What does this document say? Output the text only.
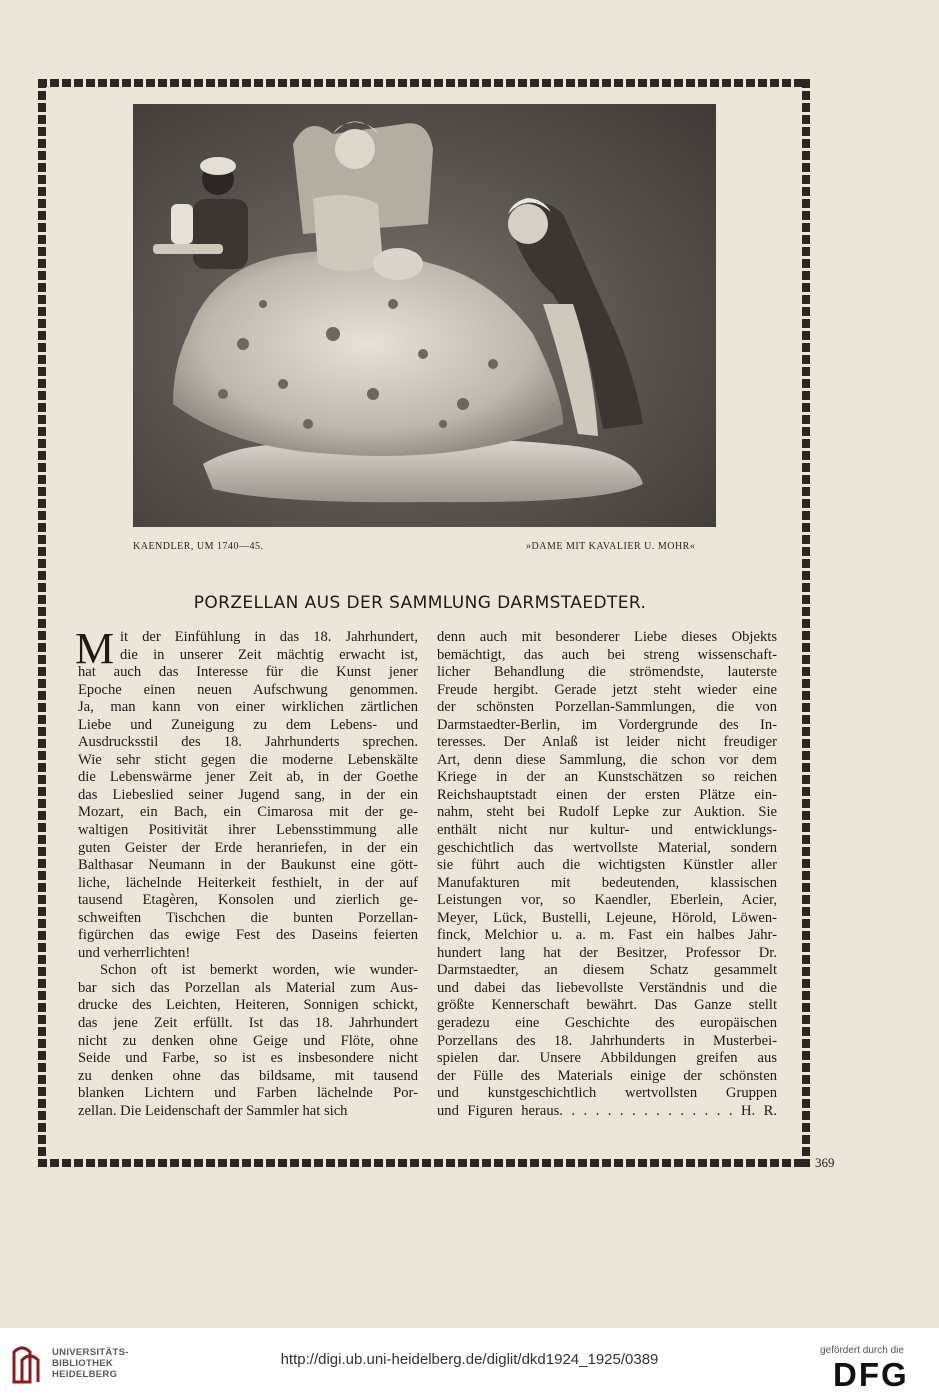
KAENDLER, UM 1740—45.	»DAME MIT KAVALIER U. MOHR«
PORZELLAN AUS DER SAMMLUNG DARMSTAEDTER.
M it der Einfühlung in das 18. Jahrhundert,
die in unserer Zeit mächtig erwacht ist,
hat auch das Interesse für die Kunst jener
Epoche einen neuen Aufschwung genommen.
Ja, man kann von einer wirklichen zärtlichen
Liebe und Zuneigung zu dem Lebens- und
Ausdrucksstil des 18. Jahrhunderts sprechen.
Wie sehr sticht gegen die moderne Lebenskälte
die Lebenswärme jener Zeit ab, in der Goethe
das Liebeslied seiner Jugend sang, in der ein
Mozart, ein Bach, ein Cimarosa mit der ge-
waltigen Positivität ihrer Lebensstimmung alle
guten Geister der Erde heranriefen, in der ein
Balthasar Neumann in der Baukunst eine gött-
liche, lächelnde Heiterkeit festhielt, in der auf
tausend Etagèren, Konsolen und zierlich ge-
schweiften Tischchen die bunten Porzellan-
figürchen das ewige Fest des Daseins feierten
und verherrlichten!
Schon oft ist bemerkt worden, wie wunder-
bar sich das Porzellan als Material zum Aus-
drucke des Leichten, Heiteren, Sonnigen schickt,
das jene Zeit erfüllt. Ist das 18. Jahrhundert
nicht zu denken ohne Geige und Flöte, ohne
Seide und Farbe, so ist es insbesondere nicht
zu denken ohne das bildsame, mit tausend
blanken Lichtern und Farben lächelnde Por-
zellan. Die Leidenschaft der Sammler hat sich
denn auch mit besonderer Liebe dieses Objekts
bemächtigt, das auch bei streng wissenschaft-
licher Behandlung die strömendste, lauterste
Freude hergibt. Gerade jetzt steht wieder eine
der schönsten Porzellan-Sammlungen, die von
Darmstaedter-Berlin, im Vordergrunde des In-
teresses. Der Anlaß ist leider nicht freudiger
Art, denn diese Sammlung, die schon vor dem
Kriege in der an Kunstschätzen so reichen
Reichshauptstadt einen der ersten Plätze ein-
nahm, steht bei Rudolf Lepke zur Auktion. Sie
enthält nicht nur kultur- und entwicklungs-
geschichtlich das wertvollste Material, sondern
sie führt auch die wichtigsten Künstler aller
Manufakturen mit bedeutenden, klassischen
Leistungen vor, so Kaendler, Eberlein, Acier,
Meyer, Lück, Bustelli, Lejeune, Hörold, Löwen-
finck, Melchior u. a. m. Fast ein halbes Jahr-
hundert lang hat der Besitzer, Professor Dr.
Darmstaedter, an diesem Schatz gesammelt
und dabei das liebevollste Verständnis und die
größte Kennerschaft bewährt. Das Ganze stellt
geradezu eine Geschichte des europäischen
Porzellans des 18. Jahrhunderts in Musterbei-
spielen dar. Unsere Abbildungen greifen aus
der Fülle des Materials einige der schönsten
und kunstgeschichtlich wertvollsten Gruppen
und Figuren heraus. . . . . . . . . . . . . . . H. R.
369
UNIVERSITÄTS-
BIBLIOTHEK
HEIDELBERG
http://digi.ub.uni-heidelberg.de/diglit/dkd1924_1925/0389
gefördert durch die
DFG
